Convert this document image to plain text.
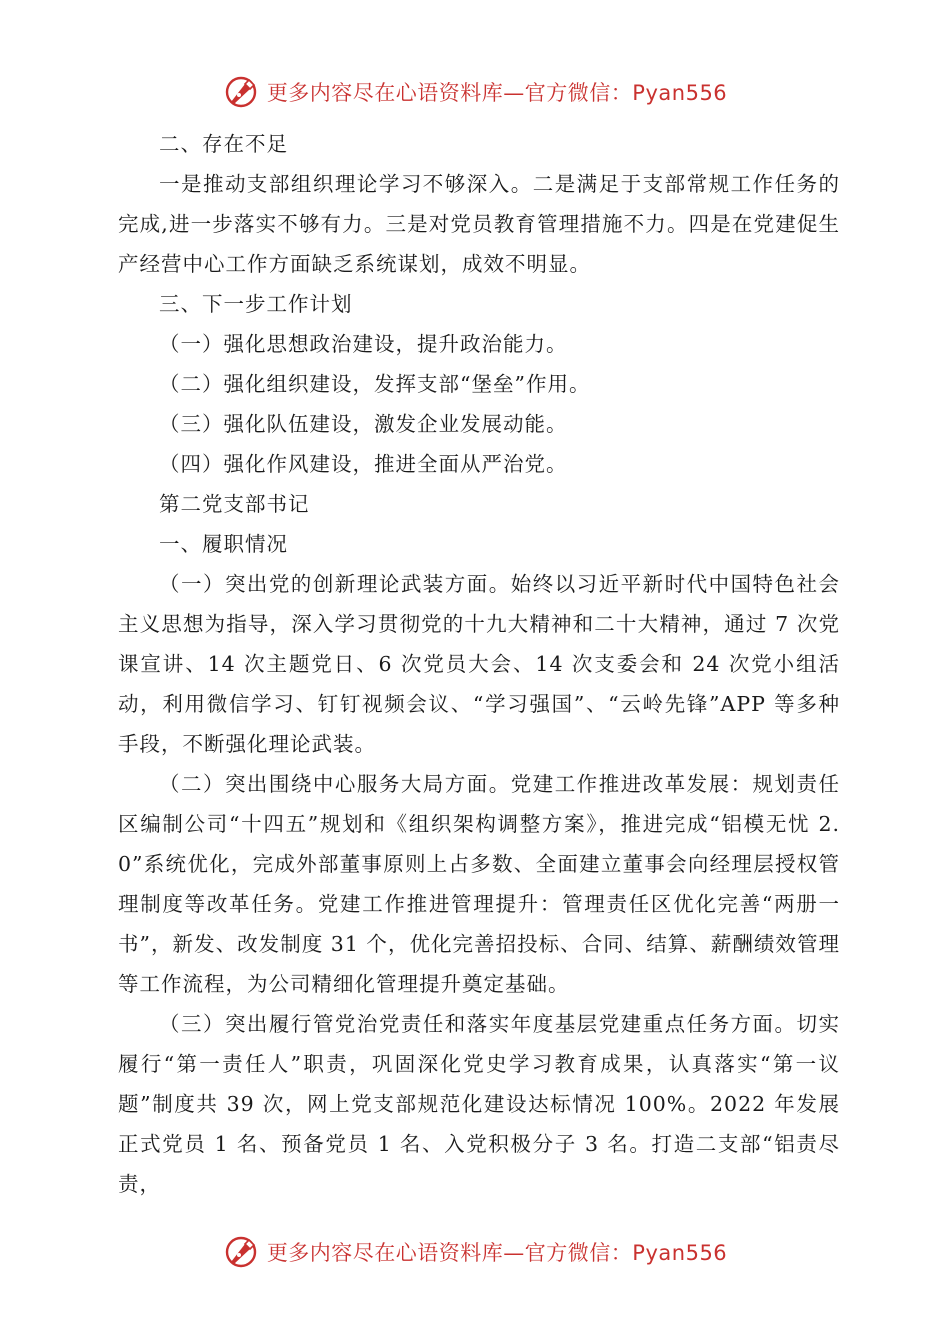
更多内容尽在心语资料库—官方微信：Pyan556

二、存在不足

一是推动支部组织理论学习不够深入。二是满足于支部常规工作任务的完成,进一步落实不够有力。三是对党员教育管理措施不力。四是在党建促生产经营中心工作方面缺乏系统谋划，成效不明显。

三、下一步工作计划

（一）强化思想政治建设，提升政治能力。

（二）强化组织建设，发挥支部“堡垒”作用。

（三）强化队伍建设，激发企业发展动能。

（四）强化作风建设，推进全面从严治党。

第二党支部书记

一、履职情况

（一）突出党的创新理论武装方面。始终以习近平新时代中国特色社会主义思想为指导，深入学习贯彻党的十九大精神和二十大精神，通过 7 次党课宣讲、14 次主题党日、6 次党员大会、14 次支委会和 24 次党小组活动，利用微信学习、钉钉视频会议、“学习强国”、“云岭先锋”APP 等多种手段，不断强化理论武装。

（二）突出围绕中心服务大局方面。党建工作推进改革发展：规划责任区编制公司“十四五”规划和《组织架构调整方案》，推进完成“铝模无忧 2.0”系统优化，完成外部董事原则上占多数、全面建立董事会向经理层授权管理制度等改革任务。党建工作推进管理提升：管理责任区优化完善“两册一书”，新发、改发制度 31 个，优化完善招投标、合同、结算、薪酬绩效管理等工作流程，为公司精细化管理提升奠定基础。

（三）突出履行管党治党责任和落实年度基层党建重点任务方面。切实履行“第一责任人”职责，巩固深化党史学习教育成果，认真落实“第一议题”制度共 39 次，网上党支部规范化建设达标情况 100%。2022 年发展正式党员 1 名、预备党员 1 名、入党积极分子 3 名。打造二支部“铝责尽责，

更多内容尽在心语资料库—官方微信：Pyan556
